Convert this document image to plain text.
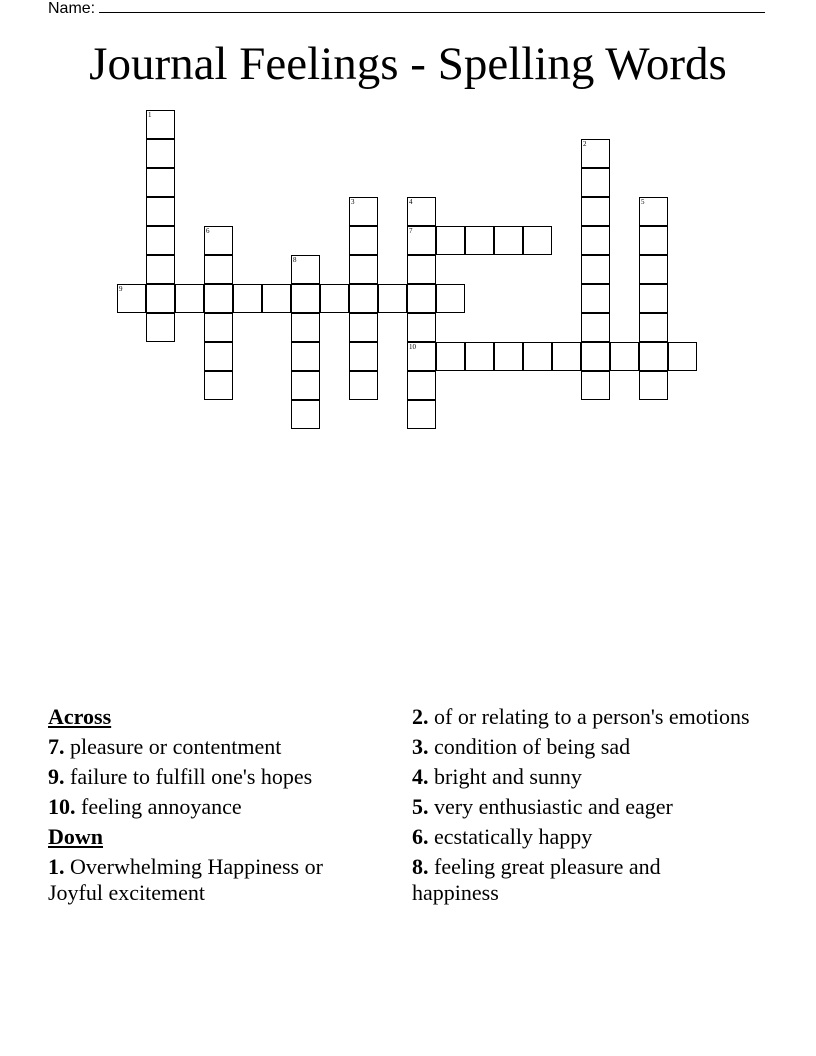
Name:
Journal Feelings - Spelling Words
1
2
3	4
7
10
5
6
8
9
Across
7. pleasure or contentment
9. failure to fulfill one's hopes
10. feeling annoyance
Down
1. Overwhelming Happiness or Joyful excitement
2. of or relating to a person's emotions
3. condition of being sad
4. bright and sunny
5. very enthusiastic and eager
6. ecstatically happy
8. feeling great pleasure and happiness
